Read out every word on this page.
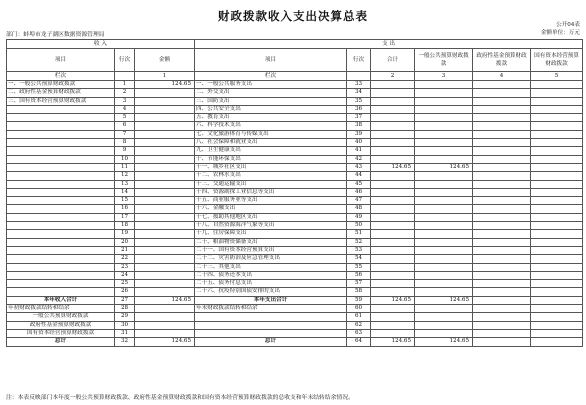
财政拨款收入支出决算总表
公开04表
金额单位：万元
部门：蚌埠市龙子湖区数据资源管理局
收 入			支 出					
项目	行次	金额	项目	行次	合计	一般公共预算财政拨款	政府性基金预算财政拨款	国有资本经营预算财政拨款
栏次		1	栏次		2	3	4	5
一、一般公共预算财政拨款	1	124.65	一、一般公共服务支出	33				
二、政府性基金预算财政拨款	2		二、外交支出	34				
三、国有资本经营预算财政拨款	3		三、国防支出	35				
	4		四、公共安全支出	36				
	5		五、教育支出	37				
	6		六、科学技术支出	38				
	7		七、文化旅游体育与传媒支出	39				
	8		八、社会保障和就业支出	40				
	9		九、卫生健康支出	41				
	10		十、节能环保支出	42				
	11		十一、城乡社区支出	43	124.65	124.65		
	12		十二、农林水支出	44				
	13		十三、交通运输支出	45				
	14		十四、资源勘探工业信息等支出	46				
	15		十五、商业服务业等支出	47				
	16		十六、金融支出	48				
	17		十七、援助其他地区支出	49				
	18		十八、自然资源海洋气象等支出	50				
	19		十九、住房保障支出	51				
	20		二十、粮油物资储备支出	52				
	21		二十一、国有资本经营预算支出	53				
	22		二十二、灾害防治及应急管理支出	54				
	23		二十三、其他支出	55				
	24		二十四、债务还本支出	56				
	25		二十五、债务付息支出	57				
	26		二十六、抗疫特别国债安排的支出	58				
本年收入合计	27	124.65	本年支出合计	59	124.65	124.65		
年初财政拨款结转和结余	28		年末财政拨款结转和结余	60				
一般公共预算财政拨款	29			61				
政府性基金预算财政拨款	30			62				
国有资本经营预算财政拨款	31			63				
总计	32	124.65	总计	64	124.65	124.65		
注：本表反映部门本年度一般公共预算财政拨款、政府性基金预算财政拨款和国有资本经营预算财政拨款的总收支和年末结转结余情况。
